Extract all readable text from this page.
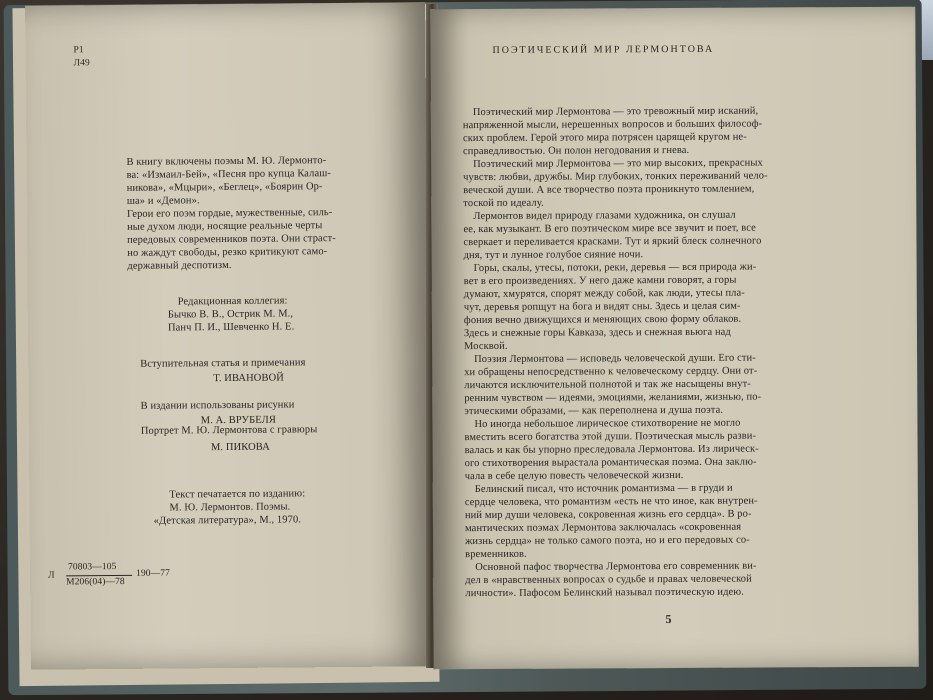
Р1
Л49
В книгу включены поэмы М. Ю. Лермонто-
ва: «Измаил-Бей», «Песня про купца Калаш-
никова», «Мцыри», «Беглец», «Боярин Ор-
ша» и «Демон».
Герои его поэм гордые, мужественные, силь-
ные духом люди, носящие реальные черты
передовых современников поэта. Они страст-
но жаждут свободы, резко критикуют само-
державный деспотизм.
Редакционная коллегия:
Бычко В. В., Острик М. М.,
Панч П. И., Шевченко Н. Е.
Вступительная статья и примечания
Т. ИВАНОВОЙ
В издании использованы рисунки
М. А. ВРУБЕЛЯ
Портрет М. Ю. Лермонтова с гравюры
М. ПИКОВА
Текст печатается по изданию:
М. Ю. Лермонтов. Поэмы.
«Детская литература», М., 1970.
Л
70803—105
М206(04)—78
190—77
ПОЭТИЧЕСКИЙ МИР ЛЕРМОНТОВА
Поэтический мир Лермонтова — это тревожный мир исканий,
напряженной мысли, нерешенных вопросов и больших философ-
ских проблем. Герой этого мира потрясен царящей кругом не-
справедливостью. Он полон негодования и гнева.
Поэтический мир Лермонтова — это мир высоких, прекрасных
чувств: любви, дружбы. Мир глубоких, тонких переживаний чело-
веческой души. А все творчество поэта проникнуто томлением,
тоской по идеалу.
Лермонтов видел природу глазами художника, он слушал
ее, как музыкант. В его поэтическом мире все звучит и поет, все
сверкает и переливается красками. Тут и яркий блеск солнечного
дня, тут и лунное голубое сияние ночи.
Горы, скалы, утесы, потоки, реки, деревья — вся природа жи-
вет в его произведениях. У него даже камни говорят, а горы
думают, хмурятся, спорят между собой, как люди, утесы пла-
чут, деревья ропщут на бога и видят сны. Здесь и целая сим-
фония вечно движущихся и меняющих свою форму облаков.
Здесь и снежные горы Кавказа, здесь и снежная вьюга над
Москвой.
Поэзия Лермонтова — исповедь человеческой души. Его сти-
хи обращены непосредственно к человеческому сердцу. Они от-
личаются исключительной полнотой и так же насыщены внут-
ренним чувством — идеями, эмоциями, желаниями, жизнью, по-
этическими образами, — как переполнена и душа поэта.
Но иногда небольшое лирическое стихотворение не могло
вместить всего богатства этой души. Поэтическая мысль разви-
валась и как бы упорно преследовала Лермонтова. Из лирическ-
ого стихотворения вырастала романтическая поэма. Она заклю-
чала в себе целую повесть человеческой жизни.
Белинский писал, что источник романтизма — в груди и
сердце человека, что романтизм «есть не что иное, как внутрен-
ний мир души человека, сокровенная жизнь его сердца». В ро-
мантических поэмах Лермонтова заключалась «сокровенная
жизнь сердца» не только самого поэта, но и его передовых со-
временников.
Основной пафос творчества Лермонтова его современник ви-
дел в «нравственных вопросах о судьбе и правах человеческой
личности». Пафосом Белинский называл поэтическую идею.
5
